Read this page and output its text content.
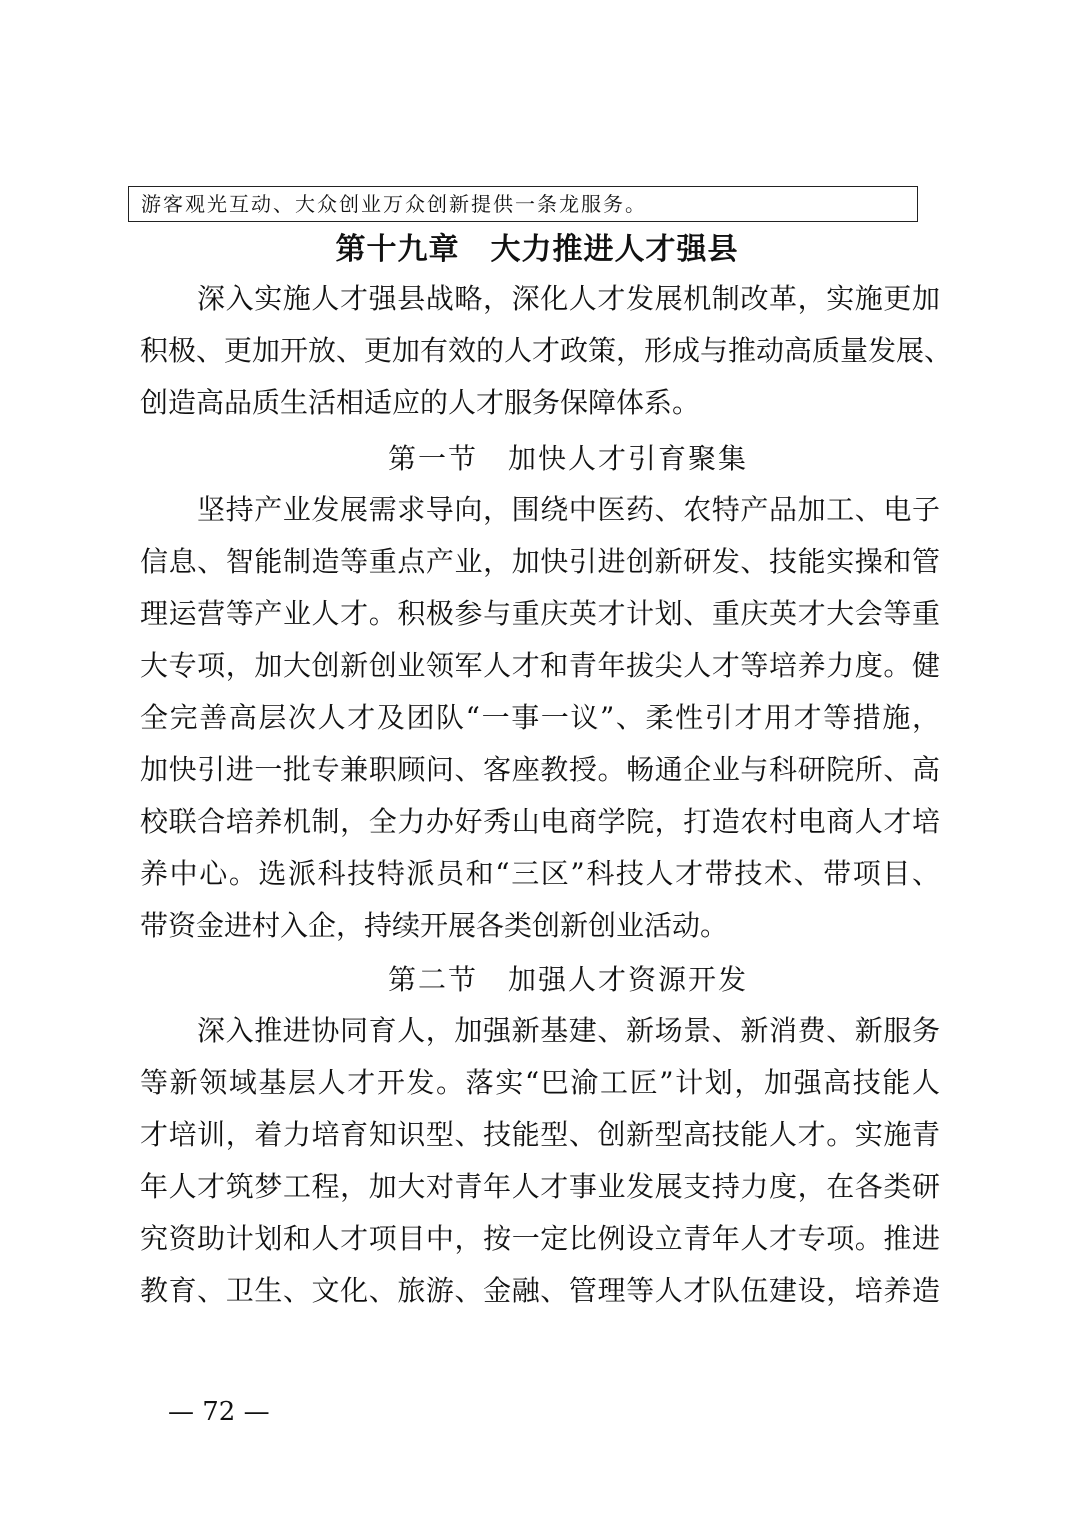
游客观光互动、大众创业万众创新提供一条龙服务。
第十九章　大力推进人才强县
深入实施人才强县战略，深化人才发展机制改革，实施更加
积极、更加开放、更加有效的人才政策，形成与推动高质量发展、
创造高品质生活相适应的人才服务保障体系。
第一节　加快人才引育聚集
坚持产业发展需求导向，围绕中医药、农特产品加工、电子
信息、智能制造等重点产业，加快引进创新研发、技能实操和管
理运营等产业人才。积极参与重庆英才计划、重庆英才大会等重
大专项，加大创新创业领军人才和青年拔尖人才等培养力度。健
全完善高层次人才及团队“一事一议”、柔性引才用才等措施，
加快引进一批专兼职顾问、客座教授。畅通企业与科研院所、高
校联合培养机制，全力办好秀山电商学院，打造农村电商人才培
养中心。选派科技特派员和“三区”科技人才带技术、带项目、
带资金进村入企，持续开展各类创新创业活动。
第二节　加强人才资源开发
深入推进协同育人，加强新基建、新场景、新消费、新服务
等新领域基层人才开发。落实“巴渝工匠”计划，加强高技能人
才培训，着力培育知识型、技能型、创新型高技能人才。实施青
年人才筑梦工程，加大对青年人才事业发展支持力度，在各类研
究资助计划和人才项目中，按一定比例设立青年人才专项。推进
教育、卫生、文化、旅游、金融、管理等人才队伍建设，培养造
— 72 —
